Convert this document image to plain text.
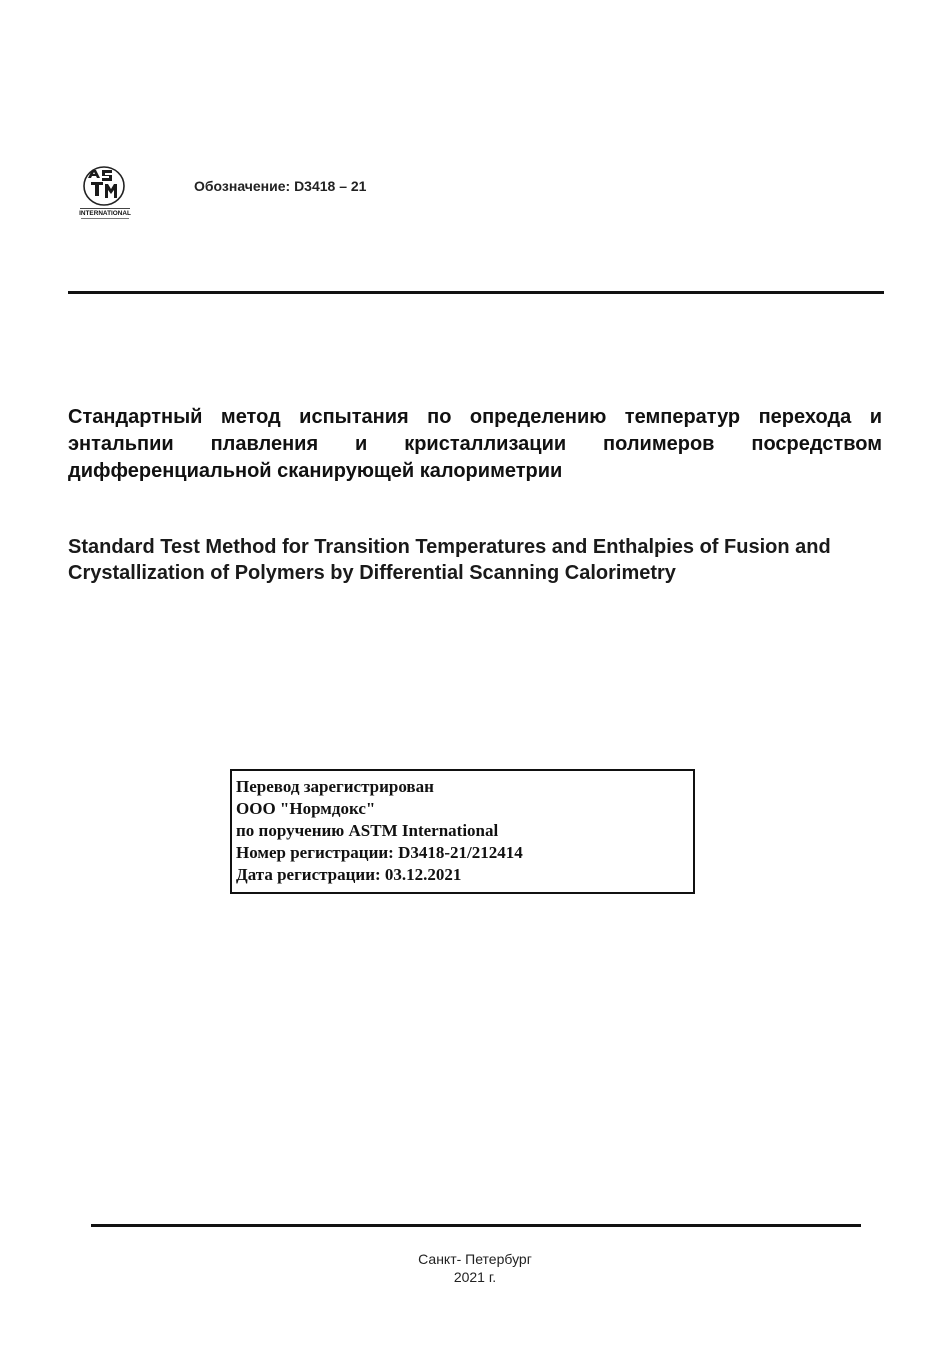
INTERNATIONAL
Обозначение: D3418 – 21
Стандартный метод испытания по определению температур перехода и энтальпии плавления и кристаллизации полимеров посредством дифференциальной сканирующей калориметрии
Standard Test Method for Transition Temperatures and Enthalpies of Fusion and Crystallization of Polymers by Differential Scanning Calorimetry
Перевод зарегистрирован
ООО "Нормдокс"
по поручению ASTM International
Номер регистрации: D3418-21/212414
Дата регистрации: 03.12.2021
Санкт- Петербург
2021 г.
